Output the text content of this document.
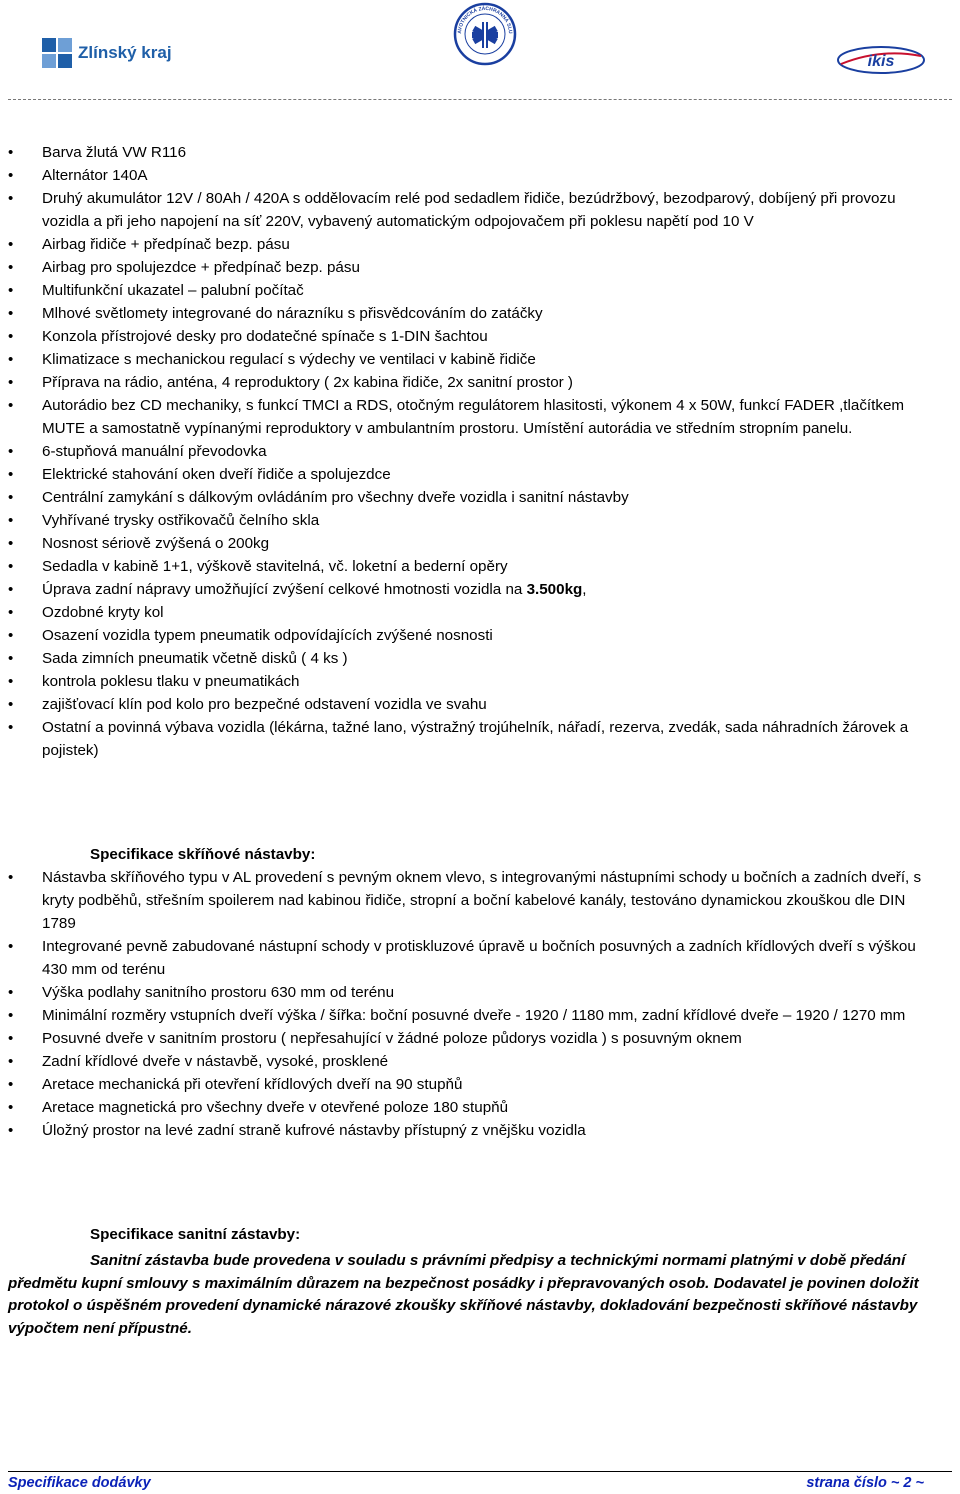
Zlínský kraj
AVOTNICKÁ ZÁCHRANNÁ SLU
ikis
• Barva žlutá VW R116
• Alternátor 140A
• Druhý akumulátor 12V / 80Ah / 420A s oddělovacím relé pod sedadlem řidiče, bezúdržbový, bezodparový, dobíjený při provozu vozidla a při jeho napojení na síť 220V, vybavený automatickým odpojovačem při poklesu napětí pod 10 V
• Airbag řidiče + předpínač bezp. pásu
• Airbag pro spolujezdce + předpínač bezp. pásu
• Multifunkční ukazatel – palubní počítač
• Mlhové světlomety integrované do nárazníku s přisvědcováním do zatáčky
• Konzola přístrojové desky pro dodatečné spínače s 1-DIN šachtou
• Klimatizace s mechanickou regulací s výdechy ve ventilaci v kabině řidiče
• Příprava na rádio, anténa, 4 reproduktory ( 2x kabina řidiče, 2x sanitní prostor )
• Autorádio bez CD mechaniky, s funkcí TMCI a RDS, otočným regulátorem hlasitosti, výkonem 4 x 50W, funkcí FADER ,tlačítkem MUTE a samostatně vypínanými reproduktory v ambulantním prostoru. Umístění autorádia ve středním stropním panelu.
• 6-stupňová manuální převodovka
• Elektrické stahování oken dveří řidiče a spolujezdce
• Centrální zamykání s dálkovým ovládáním pro všechny dveře vozidla i sanitní nástavby
• Vyhřívané trysky ostřikovačů čelního skla
• Nosnost sériově zvýšená o 200kg
• Sedadla v kabině 1+1, výškově stavitelná, vč. loketní a bederní opěry
• Úprava zadní nápravy umožňující zvýšení celkové hmotnosti vozidla na 3.500kg,
• Ozdobné kryty kol
• Osazení vozidla typem pneumatik odpovídajících zvýšené nosnosti
• Sada zimních pneumatik včetně disků ( 4 ks )
• kontrola poklesu tlaku v pneumatikách
• zajišťovací klín pod kolo pro bezpečné odstavení vozidla ve svahu
• Ostatní a povinná výbava vozidla (lékárna, tažné lano, výstražný trojúhelník, nářadí, rezerva, zvedák, sada náhradních žárovek a pojistek)
Specifikace skříňové nástavby:
• Nástavba skříňového typu v AL provedení s pevným oknem vlevo, s integrovanými nástupními schody u bočních a zadních dveří, s kryty podběhů, střešním spoilerem nad kabinou řidiče, stropní a boční kabelové kanály, testováno dynamickou zkouškou dle DIN 1789
• Integrované pevně zabudované nástupní schody v protiskluzové úpravě u bočních posuvných a zadních křídlových dveří s výškou 430 mm od terénu
• Výška podlahy sanitního prostoru 630 mm od terénu
• Minimální rozměry vstupních dveří výška / šířka: boční posuvné dveře - 1920 / 1180 mm, zadní křídlové dveře – 1920 / 1270 mm
• Posuvné dveře v sanitním prostoru ( nepřesahující v žádné poloze půdorys vozidla ) s posuvným oknem
• Zadní křídlové dveře v nástavbě, vysoké, prosklené
• Aretace mechanická při otevření křídlových dveří na 90 stupňů
• Aretace magnetická pro všechny dveře v otevřené poloze 180 stupňů
• Úložný prostor na levé zadní straně kufrové nástavby přístupný z vnějšku vozidla
Specifikace sanitní zástavby:
Sanitní zástavba bude provedena v souladu s právními předpisy a technickými normami platnými v době předání předmětu kupní smlouvy s maximálním důrazem na bezpečnost posádky i přepravovaných osob. Dodavatel je povinen doložit protokol o úspěšném provedení dynamické nárazové zkoušky skříňové nástavby, dokladování bezpečnosti skříňové nástavby výpočtem není přípustné.
Specifikace dodávky	strana číslo ~ 2 ~
